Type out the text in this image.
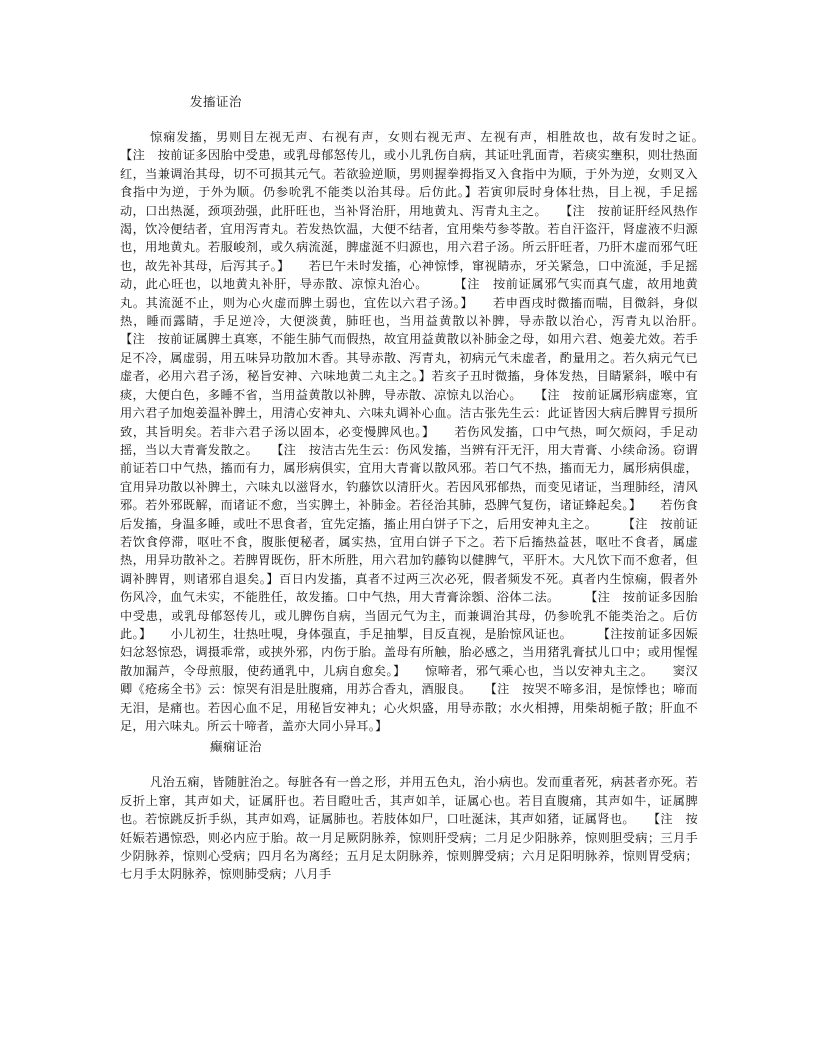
发搐证治

惊痫发搐，男则目左视无声、右视有声，女则右视无声、左视有声，相胜故也，故有发时之证。　　　【注　按前证多因胎中受患，或乳母郁怒传儿，或小儿乳伤自病，其证吐乳面青，若痰实壅积，则壮热面红，当兼调治其母，切不可损其元气。若欲验逆顺，男则握拳拇指叉入食指中为顺，于外为逆，女则叉入食指中为逆，于外为顺。仍参吮乳不能类以治其母。后仿此。】若寅卯辰时身体壮热，目上视，手足摇动，口出热涎，颈项劲强，此肝旺也，当补肾治肝，用地黄丸、泻青丸主之。　　【注　按前证肝经风热作渴，饮冷便结者，宜用泻青丸。若发热饮温，大便不结者，宜用柴芍参苓散。若自汗盗汗，肾虚液不归源也，用地黄丸。若服峻剂，或久病流涎，脾虚涎不归源也，用六君子汤。所云肝旺者，乃肝木虚而邪气旺也，故先补其母，后泻其子。】　　若巳午未时发搐，心神惊悸，窜视睛赤，牙关紧急，口中流涎，手足摇动，此心旺也，以地黄丸补肝，导赤散、凉惊丸治心。　　　【注　按前证属邪气实而真气虚，故用地黄丸。其流涎不止，则为心火虚而脾土弱也，宜佐以六君子汤。】　　若申酉戌时微搐而喘，目微斜，身似热，睡而露睛，手足逆冷，大便淡黄，肺旺也，当用益黄散以补脾，导赤散以治心，泻青丸以治肝。　　【注　按前证属脾土真寒，不能生肺气而假热，故宜用益黄散以补肺金之母，如用六君、炮姜尤效。若手足不冷，属虚弱，用五味异功散加木香。其导赤散、泻青丸，初病元气未虚者，酌量用之。若久病元气已虚者，必用六君子汤，秘旨安神、六味地黄二丸主之。】若亥子丑时微搐，身体发热，目睛紧斜，喉中有痰，大便白色，多睡不省，当用益黄散以补脾，导赤散、凉惊丸以治心。　　【注　按前证属形病虚寒，宜用六君子加炮姜温补脾土，用清心安神丸、六味丸调补心血。洁古张先生云：此证皆因大病后脾胃亏损所致，其旨明矣。若非六君子汤以固本，必变慢脾风也。】　　若伤风发搐，口中气热，呵欠烦闷，手足动摇，当以大青膏发散之。　　【注　按洁古先生云：伤风发搐，当辨有汗无汗，用大青膏、小续命汤。窃谓前证若口中气热，搐而有力，属形病俱实，宜用大青膏以散风邪。若口气不热，搐而无力，属形病俱虚，宜用异功散以补脾土，六味丸以滋肾水，钓藤饮以清肝火。若因风邪郁热，而变见诸证，当理肺经，清风邪。若外邪既解，而诸证不愈，当实脾土，补肺金。若径治其肺，恐脾气复伤，诸证蜂起矣。】　　若伤食后发搐，身温多睡，或吐不思食者，宜先定搐，搐止用白饼子下之，后用安神丸主之。　　　【注　按前证若饮食停滞，呕吐不食，腹胀便秘者，属实热，宜用白饼子下之。若下后搐热益甚，呕吐不食者，属虚热，用异功散补之。若脾胃既伤，肝木所胜，用六君加钓藤钩以健脾气，平肝木。大凡饮下而不愈者，但调补脾胃，则诸邪自退矣。】百日内发搐，真者不过两三次必死，假者频发不死。真者内生惊痫，假者外伤风冷，血气未实，不能胜任，故发搐。口中气热，用大青膏涂顖、浴体二法。　　　【注　按前证多因胎中受患，或乳母郁怒传儿，或儿脾伤自病，当固元气为主，而兼调治其母，仍参吮乳不能类治之。后仿此。】　　小儿初生，壮热吐哯，身体强直，手足抽掣，目反直视，是胎惊风证也。　　　【注按前证多因娠妇忿怒惊恐，调摄乖常，或挟外邪，内伤于胎。盖母有所触，胎必感之，当用猪乳膏拭儿口中；或用惺惺散加漏芦，令母煎服，使药通乳中，儿病自愈矣。】　　惊啼者，邪气乘心也，当以安神丸主之。　　窦汉卿《疮疡全书》云：惊哭有泪是肚腹痛，用苏合香丸，酒服良。　　【注　按哭不啼多泪，是惊悸也；啼而无泪，是痛也。若因心血不足，用秘旨安神丸；心火炽盛，用导赤散；水火相搏，用柴胡栀子散；肝血不足，用六味丸。所云十啼者，盖亦大同小异耳。】

癫痫证治

凡治五痫，皆随脏治之。每脏各有一兽之形，并用五色丸，治小病也。发而重者死，病甚者亦死。若反折上窜，其声如犬，证属肝也。若目瞪吐舌，其声如羊，证属心也。若目直腹痛，其声如牛，证属脾也。若惊跳反折手纵，其声如鸡，证属肺也。若肢体如尸，口吐涎沫，其声如猪，证属肾也。　　【注　按妊娠若遇惊恐，则必内应于胎。故一月足厥阴脉养，惊则肝受病；二月足少阳脉养，惊则胆受病；三月手少阴脉养，惊则心受病；四月名为离经；五月足太阴脉养，惊则脾受病；六月足阳明脉养，惊则胃受病；七月手太阴脉养，惊则肺受病；八月手
